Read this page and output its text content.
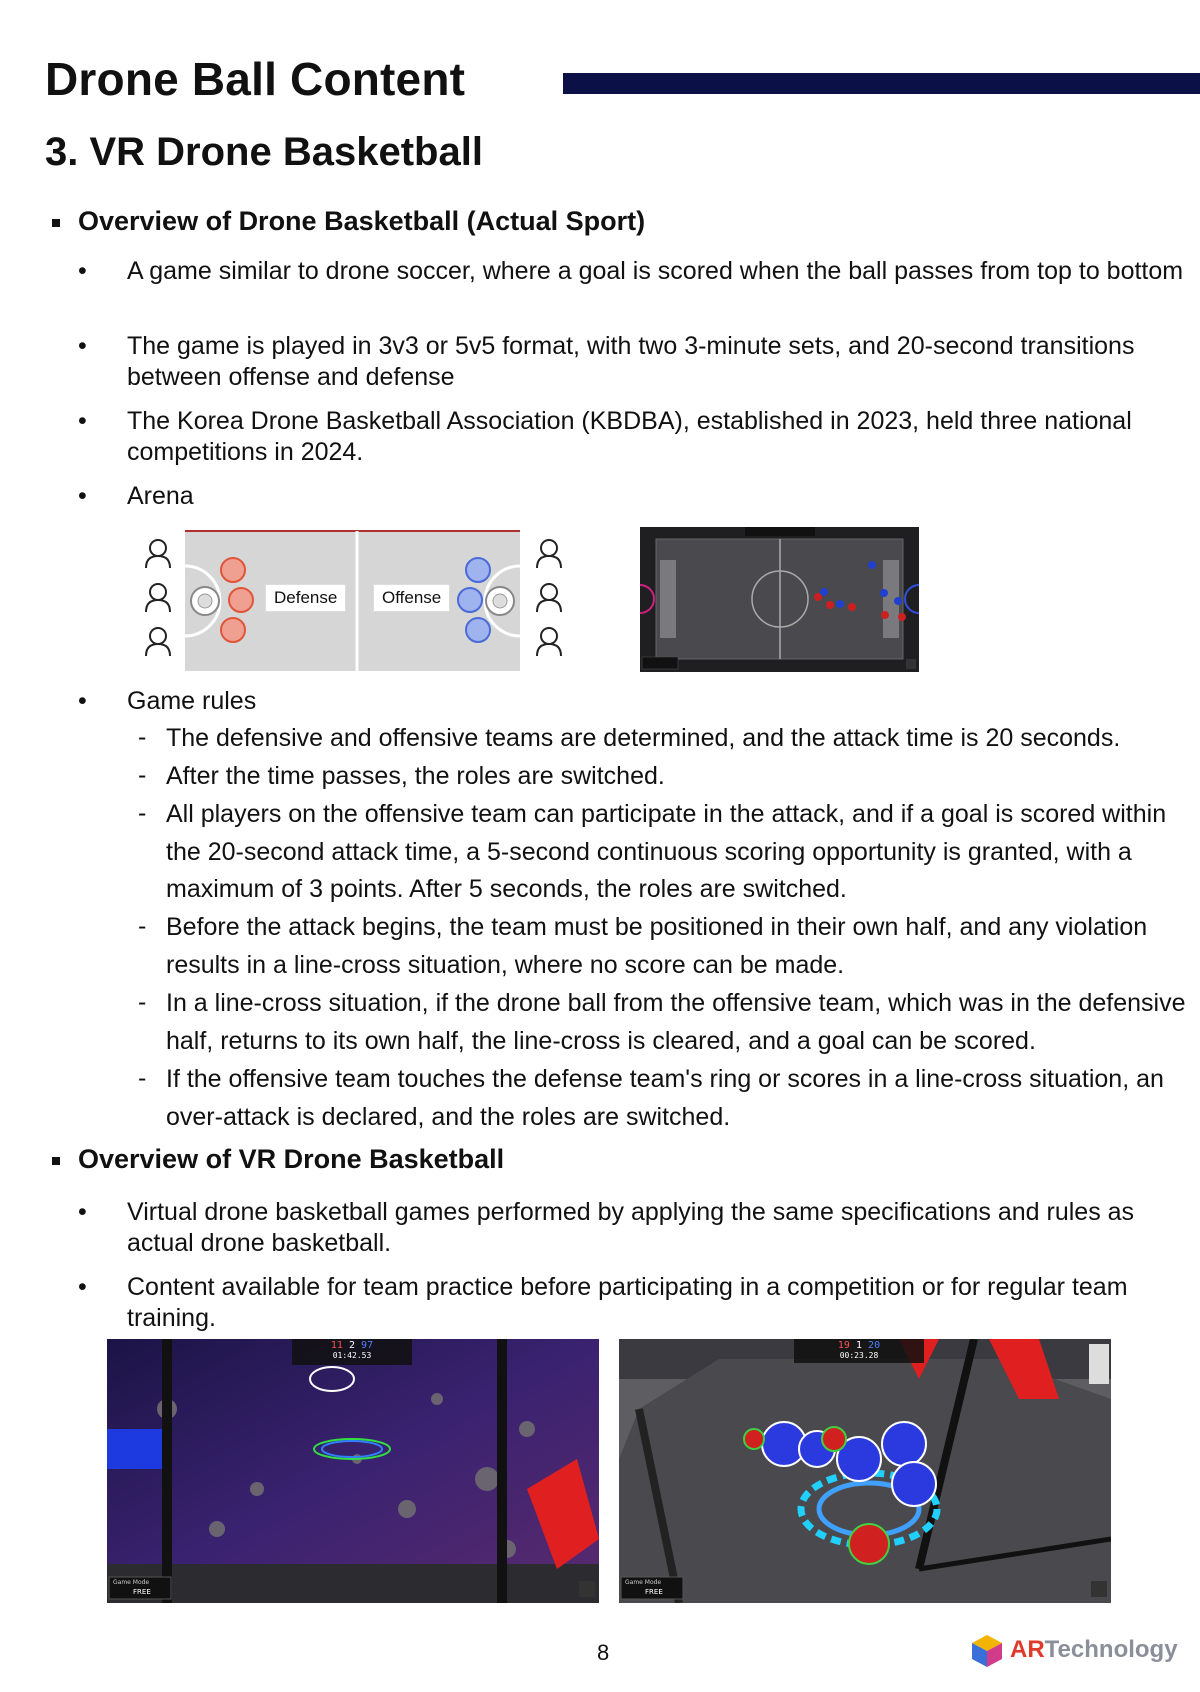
Drone Ball Content
3. VR Drone Basketball
Overview of Drone Basketball (Actual Sport)
• A game similar to drone soccer, where a goal is scored when the ball passes from top to bottom
• The game is played in 3v3 or 5v5 format, with two 3-minute sets, and 20-second transitions between offense and defense
• The Korea Drone Basketball Association (KBDBA), established in 2023, held three national competitions in 2024.
• Arena
Defense	Offense
• Game rules
- The defensive and offensive teams are determined, and the attack time is 20 seconds.
- After the time passes, the roles are switched.
- All players on the offensive team can participate in the attack, and if a goal is scored within the 20-second attack time, a 5-second continuous scoring opportunity is granted, with a maximum of 3 points. After 5 seconds, the roles are switched.
- Before the attack begins, the team must be positioned in their own half, and any violation results in a line-cross situation, where no score can be made.
- In a line-cross situation, if the drone ball from the offensive team, which was in the defensive half, returns to its own half, the line-cross is cleared, and a goal can be scored.
- If the offensive team touches the defense team's ring or scores in a line-cross situation, an over-attack is declared, and the roles are switched.
Overview of VR Drone Basketball
• Virtual drone basketball games performed by applying the same specifications and rules as actual drone basketball.
• Content available for team practice before participating in a competition or for regular team training.
11 2 97
01:42.53
Game Mode
FREE
19 1 20
00:23.28
Game Mode
FREE
8	ARTechnology
